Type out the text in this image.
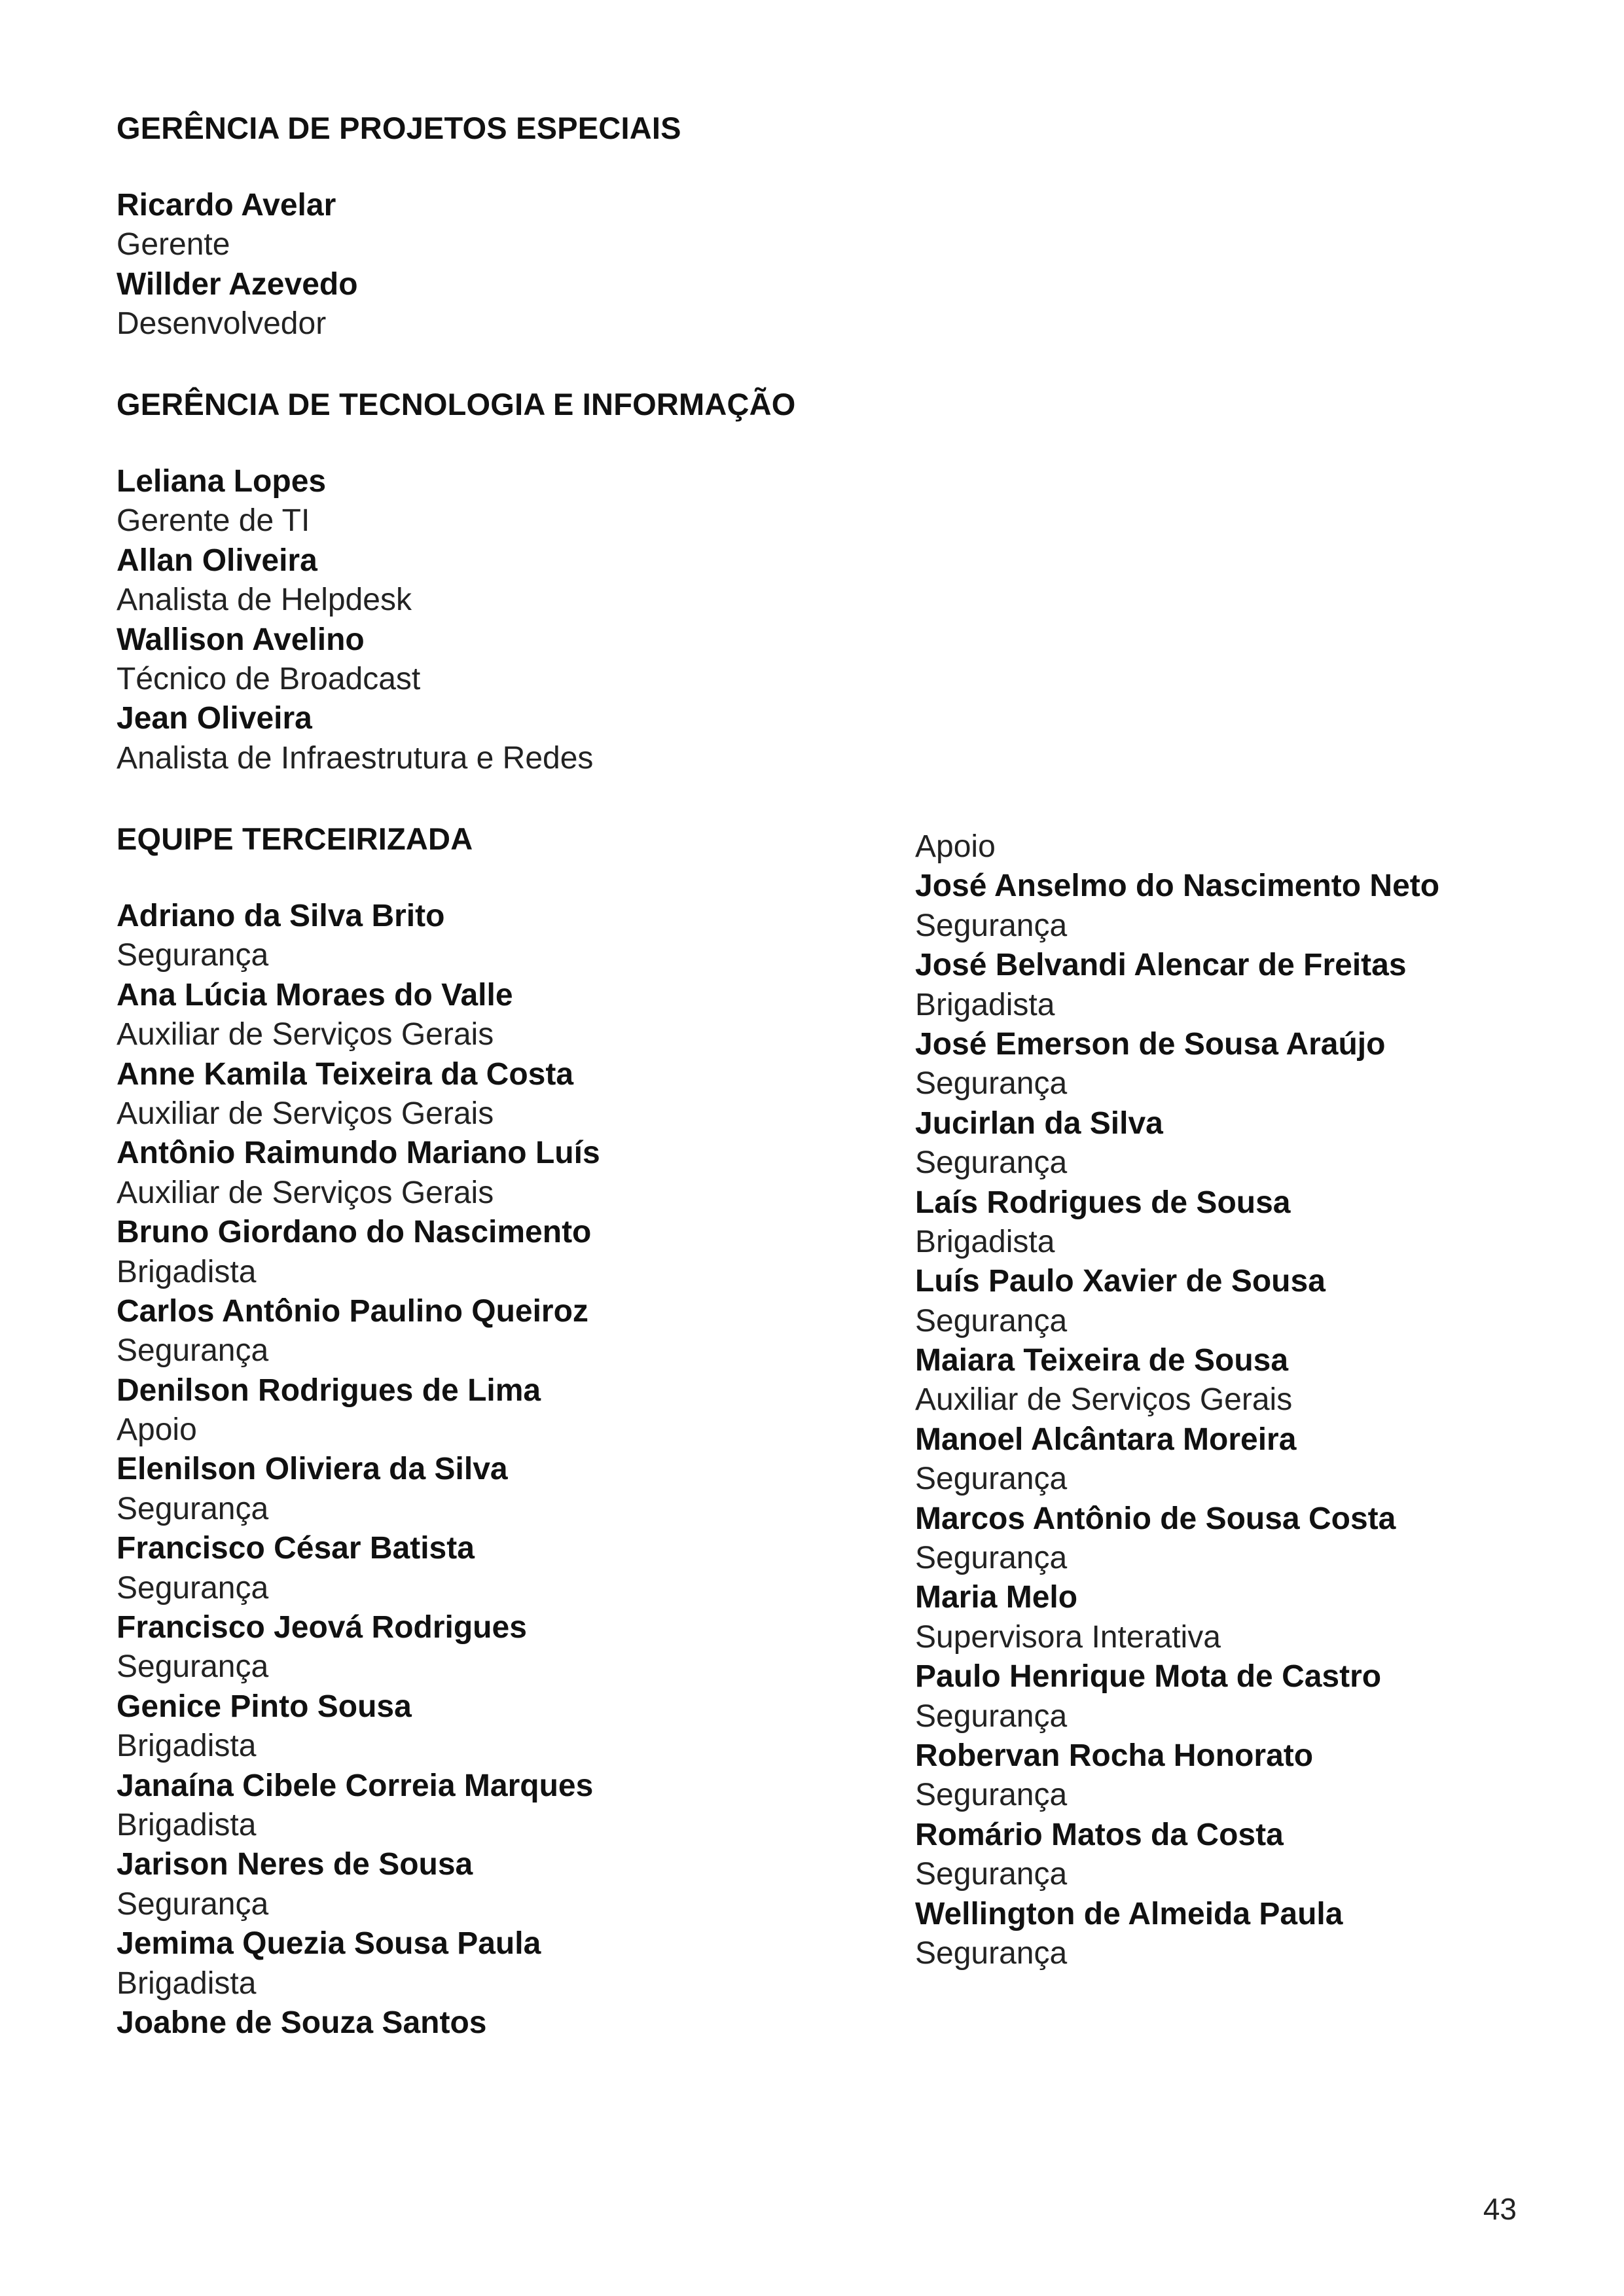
GERÊNCIA DE PROJETOS ESPECIAIS
Ricardo Avelar
Gerente
Willder Azevedo
Desenvolvedor
GERÊNCIA DE TECNOLOGIA E INFORMAÇÃO
Leliana Lopes
Gerente de TI
Allan Oliveira
Analista de Helpdesk
Wallison Avelino
Técnico de Broadcast
Jean Oliveira
Analista de Infraestrutura e Redes
EQUIPE TERCEIRIZADA
Adriano da Silva Brito
Segurança
Ana Lúcia Moraes do Valle
Auxiliar de Serviços Gerais
Anne Kamila Teixeira da Costa
Auxiliar de Serviços Gerais
Antônio Raimundo Mariano Luís
Auxiliar de Serviços Gerais
Bruno Giordano do Nascimento
Brigadista
Carlos Antônio Paulino Queiroz
Segurança
Denilson Rodrigues de Lima
Apoio
Elenilson Oliviera da Silva
Segurança
Francisco César Batista
Segurança
Francisco Jeová Rodrigues
Segurança
Genice Pinto Sousa
Brigadista
Janaína Cibele Correia Marques
Brigadista
Jarison Neres de Sousa
Segurança
Jemima Quezia Sousa Paula
Brigadista
Joabne de Souza Santos
Apoio
José Anselmo do Nascimento Neto
Segurança
José Belvandi Alencar de Freitas
Brigadista
José Emerson de Sousa Araújo
Segurança
Jucirlan da Silva
Segurança
Laís Rodrigues de Sousa
Brigadista
Luís Paulo Xavier de Sousa
Segurança
Maiara Teixeira de Sousa
Auxiliar de Serviços Gerais
Manoel Alcântara Moreira
Segurança
Marcos Antônio de Sousa Costa
Segurança
Maria Melo
Supervisora Interativa
Paulo Henrique Mota de Castro
Segurança
Robervan Rocha Honorato
Segurança
Romário Matos da Costa
Segurança
Wellington de Almeida Paula
Segurança
43
